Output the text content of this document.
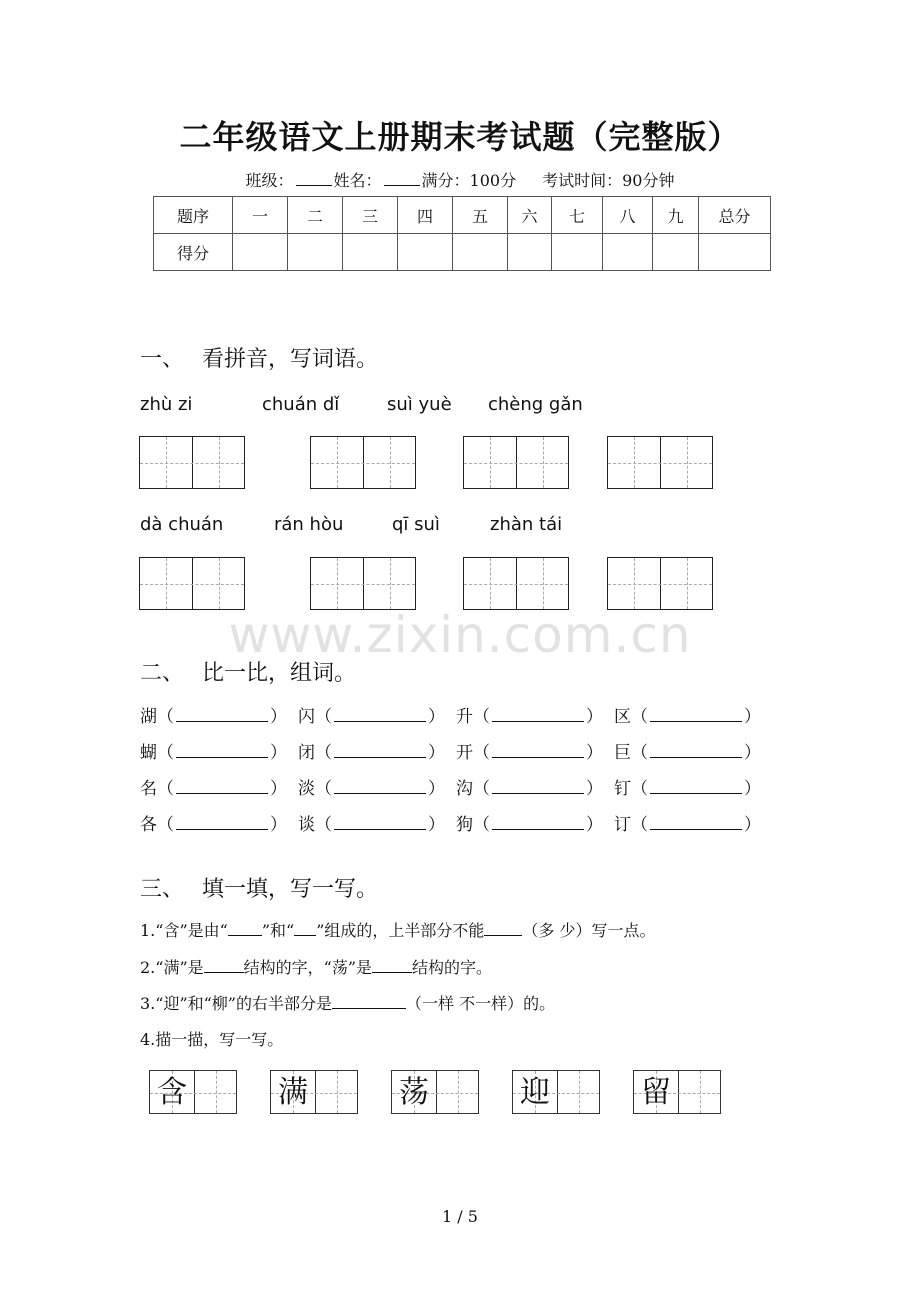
二年级语文上册期末考试题（完整版）
班级：	姓名：	满分：100分 考试时间：90分钟
题序	一	二	三	四	五	六	七	八	九	总分
得分										
一、 看拼音，写词语。
zhù zi	chuán dǐ	suì yuè chèng gǎn
dà chuán	rán hòu	qī suì	zhàn tái
www.zixin.com.cn
二、 比一比，组词。
湖（	） 闪（	） 升（	） 区（	）
蝴（	） 闭（	） 开（	） 巨（	）
名（	） 淡（	） 沟（	） 钉（	）
各（	） 谈（	） 狗（	） 订（	）
三、 填一填，写一写。
1.“含”是由“ ”和“ ”组成的，上半部分不能 （多 少）写一点。
2.“满”是	结构的字，“荡”是	结构的字。
3.“迎”和“柳”的右半部分是	（一样 不一样）的。
4.描一描，写一写。
含	满	荡	迎	留
1 / 5
